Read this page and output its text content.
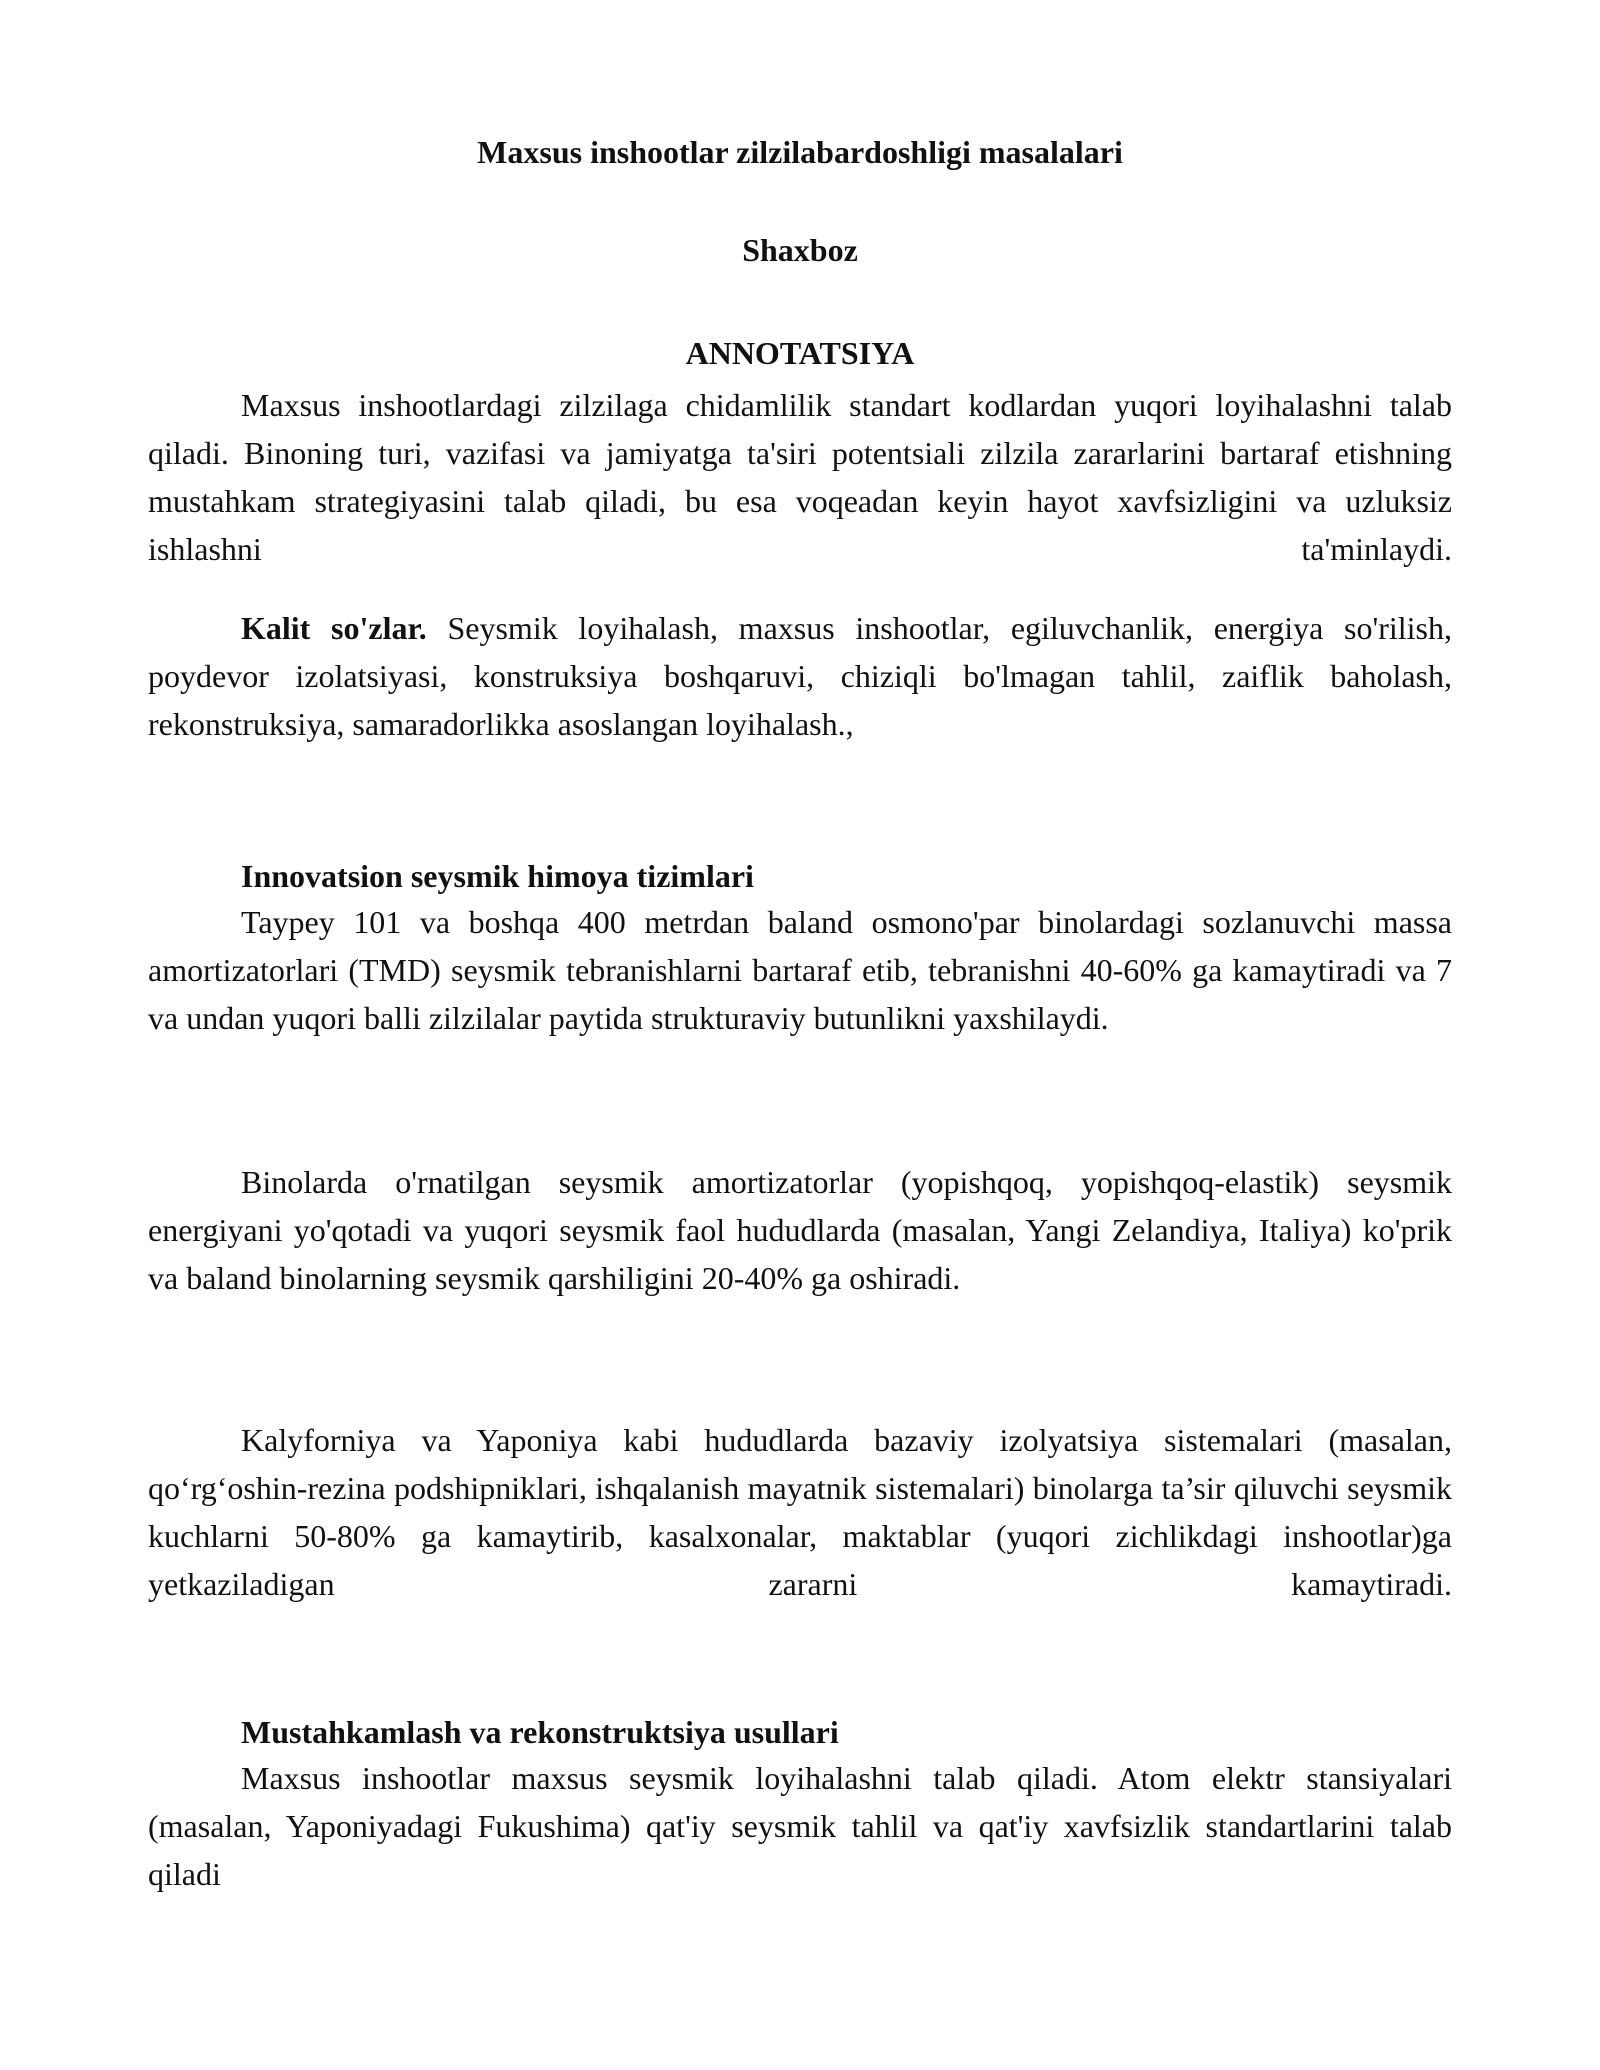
Maxsus inshootlar zilzilabardoshligi masalalari
Shaxboz
ANNOTATSIYA
Maxsus inshootlardagi zilzilaga chidamlilik standart kodlardan yuqori loyihalashni talab qiladi. Binoning turi, vazifasi va jamiyatga ta'siri potentsiali zilzila zararlarini bartaraf etishning mustahkam strategiyasini talab qiladi, bu esa voqeadan keyin hayot xavfsizligini va uzluksiz ishlashni ta'minlaydi.
Kalit so'zlar. Seysmik loyihalash, maxsus inshootlar, egiluvchanlik, energiya so'rilish, poydevor izolatsiyasi, konstruksiya boshqaruvi, chiziqli bo'lmagan tahlil, zaiflik baholash, rekonstruksiya, samaradorlikka asoslangan loyihalash.,
Innovatsion seysmik himoya tizimlari
Taypey 101 va boshqa 400 metrdan baland osmono'par binolardagi sozlanuvchi massa amortizatorlari (TMD) seysmik tebranishlarni bartaraf etib, tebranishni 40-60% ga kamaytiradi va 7 va undan yuqori balli zilzilalar paytida strukturaviy butunlikni yaxshilaydi.
Binolarda o'rnatilgan seysmik amortizatorlar (yopishqoq, yopishqoq-elastik) seysmik energiyani yo'qotadi va yuqori seysmik faol hududlarda (masalan, Yangi Zelandiya, Italiya) ko'prik va baland binolarning seysmik qarshiligini 20-40% ga oshiradi.
Kalyforniya va Yaponiya kabi hududlarda bazaviy izolyatsiya sistemalari (masalan, qo‘rg‘oshin-rezina podshipniklari, ishqalanish mayatnik sistemalari) binolarga ta’sir qiluvchi seysmik kuchlarni 50-80% ga kamaytirib, kasalxonalar, maktablar (yuqori zichlikdagi inshootlar)ga yetkaziladigan zararni kamaytiradi.
Mustahkamlash va rekonstruktsiya usullari
Maxsus inshootlar maxsus seysmik loyihalashni talab qiladi. Atom elektr stansiyalari (masalan, Yaponiyadagi Fukushima) qat'iy seysmik tahlil va qat'iy xavfsizlik standartlarini talab qiladi
